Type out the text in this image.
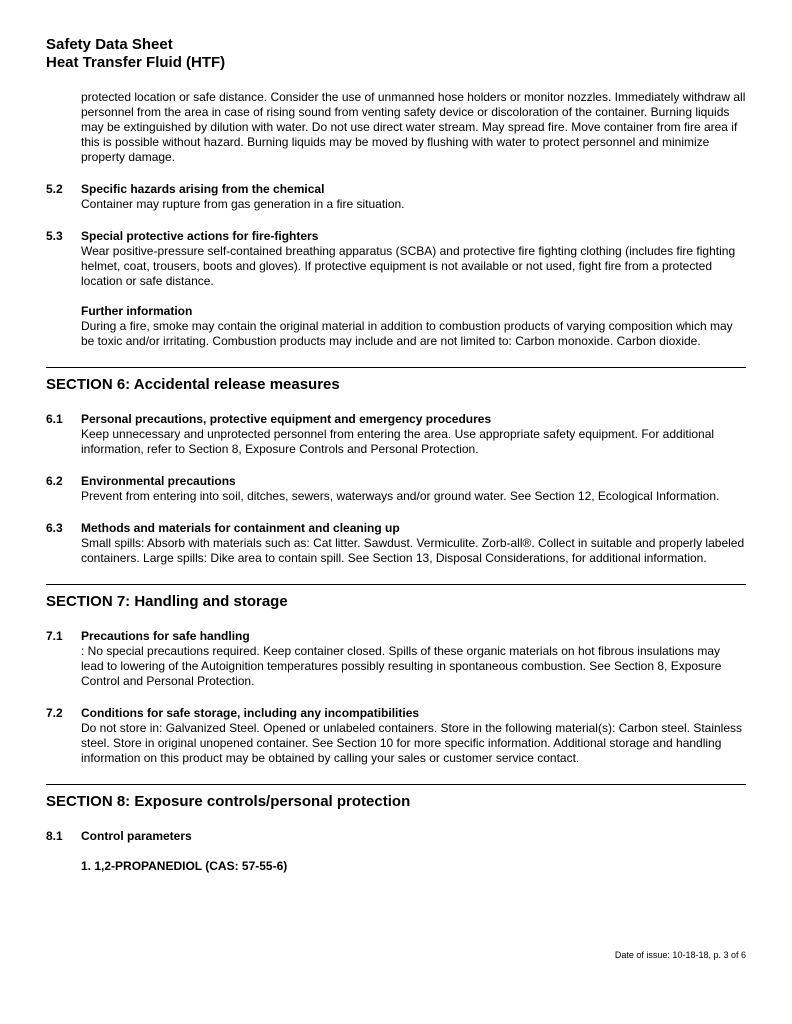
Safety Data Sheet
Heat Transfer Fluid (HTF)
protected location or safe distance. Consider the use of unmanned hose holders or monitor nozzles. Immediately withdraw all personnel from the area in case of rising sound from venting safety device or discoloration of the container. Burning liquids may be extinguished by dilution with water. Do not use direct water stream. May spread fire. Move container from fire area if this is possible without hazard. Burning liquids may be moved by flushing with water to protect personnel and minimize property damage.
5.2	Specific hazards arising from the chemical
Container may rupture from gas generation in a fire situation.
5.3	Special protective actions for fire-fighters
Wear positive-pressure self-contained breathing apparatus (SCBA) and protective fire fighting clothing (includes fire fighting helmet, coat, trousers, boots and gloves). If protective equipment is not available or not used, fight fire from a protected location or safe distance.
Further information
During a fire, smoke may contain the original material in addition to combustion products of varying composition which may be toxic and/or irritating. Combustion products may include and are not limited to: Carbon monoxide. Carbon dioxide.
SECTION 6: Accidental release measures
6.1	Personal precautions, protective equipment and emergency procedures
Keep unnecessary and unprotected personnel from entering the area. Use appropriate safety equipment. For additional information, refer to Section 8, Exposure Controls and Personal Protection.
6.2	Environmental precautions
Prevent from entering into soil, ditches, sewers, waterways and/or ground water. See Section 12, Ecological Information.
6.3	Methods and materials for containment and cleaning up
Small spills: Absorb with materials such as: Cat litter. Sawdust. Vermiculite. Zorb-all®. Collect in suitable and properly labeled containers. Large spills: Dike area to contain spill. See Section 13, Disposal Considerations, for additional information.
SECTION 7: Handling and storage
7.1	Precautions for safe handling
: No special precautions required. Keep container closed. Spills of these organic materials on hot fibrous insulations may lead to lowering of the Autoignition temperatures possibly resulting in spontaneous combustion. See Section 8, Exposure Control and Personal Protection.
7.2	Conditions for safe storage, including any incompatibilities
Do not store in: Galvanized Steel. Opened or unlabeled containers. Store in the following material(s): Carbon steel. Stainless steel. Store in original unopened container. See Section 10 for more specific information. Additional storage and handling information on this product may be obtained by calling your sales or customer service contact.
SECTION 8: Exposure controls/personal protection
8.1	Control parameters
1. 1,2-PROPANEDIOL (CAS: 57-55-6)
Date of issue: 10-18-18, p. 3 of 6
